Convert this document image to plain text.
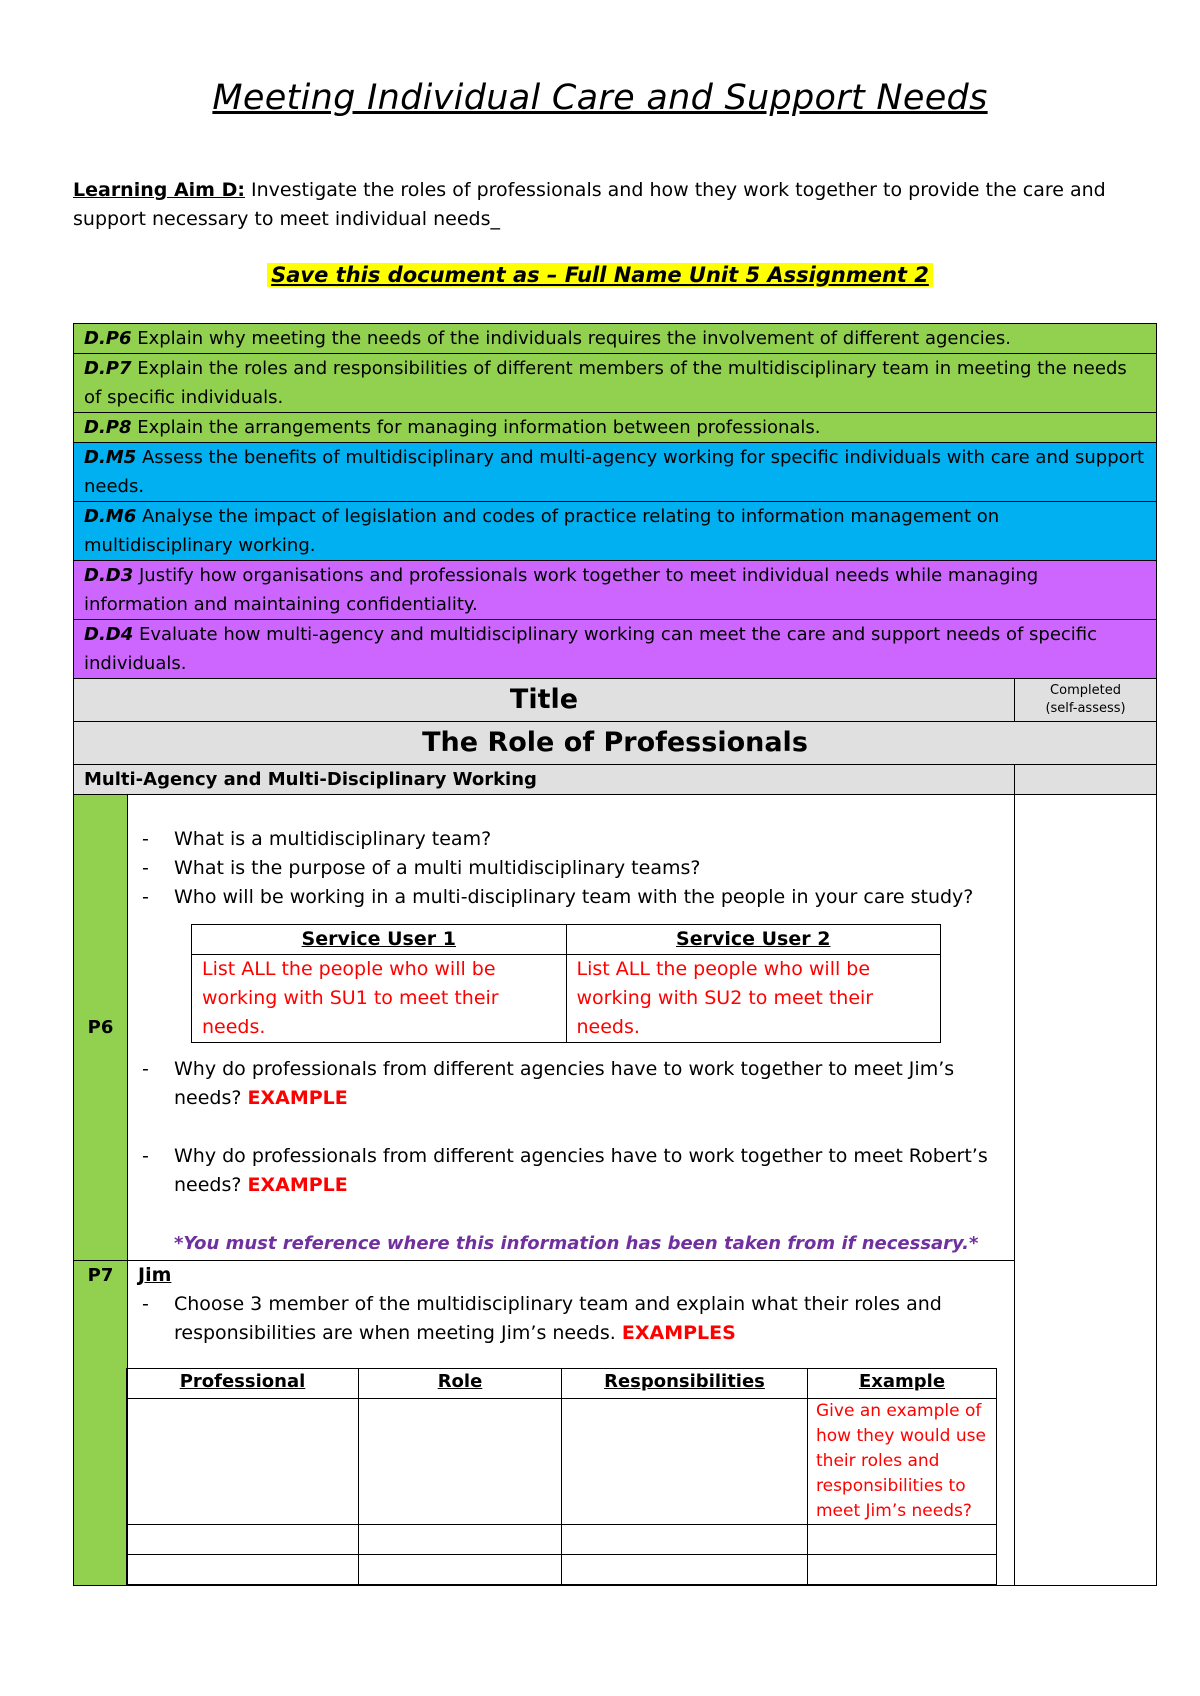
Meeting Individual Care and Support Needs
Learning Aim D: Investigate the roles of professionals and how they work together to provide the care and support necessary to meet individual needs_
Save this document as – Full Name Unit 5 Assignment 2
D.P6 Explain why meeting the needs of the individuals requires the involvement of different agencies.
D.P7 Explain the roles and responsibilities of different members of the multidisciplinary team in meeting the needs of specific individuals.
D.P8 Explain the arrangements for managing information between professionals.
D.M5 Assess the benefits of multidisciplinary and multi-agency working for specific individuals with care and support needs.
D.M6 Analyse the impact of legislation and codes of practice relating to information management on multidisciplinary working.
D.D3 Justify how organisations and professionals work together to meet individual needs while managing information and maintaining confidentiality.
D.D4 Evaluate how multi-agency and multidisciplinary working can meet the care and support needs of specific individuals.
Title	Completed
(self-assess)
The Role of Professionals
Multi-Agency and Multi-Disciplinary Working	
P6	
- What is a multidisciplinary team?
- What is the purpose of a multi multidisciplinary teams?
- Who will be working in a multi-disciplinary team with the people in your care study?
Service User 1	Service User 2
List ALL the people who will be working with SU1 to meet their needs.	List ALL the people who will be working with SU2 to meet their needs.
- Why do professionals from different agencies have to work together to meet Jim’s needs? EXAMPLE
- Why do professionals from different agencies have to work together to meet Robert’s needs? EXAMPLE
*You must reference where this information has been taken from if necessary.*

P7	Jim
- Choose 3 member of the multidisciplinary team and explain what their roles and responsibilities are when meeting Jim’s needs. EXAMPLES
Professional	Role	Responsibilities	Example
			Give an example of how they would use their roles and responsibilities to meet Jim’s needs?
